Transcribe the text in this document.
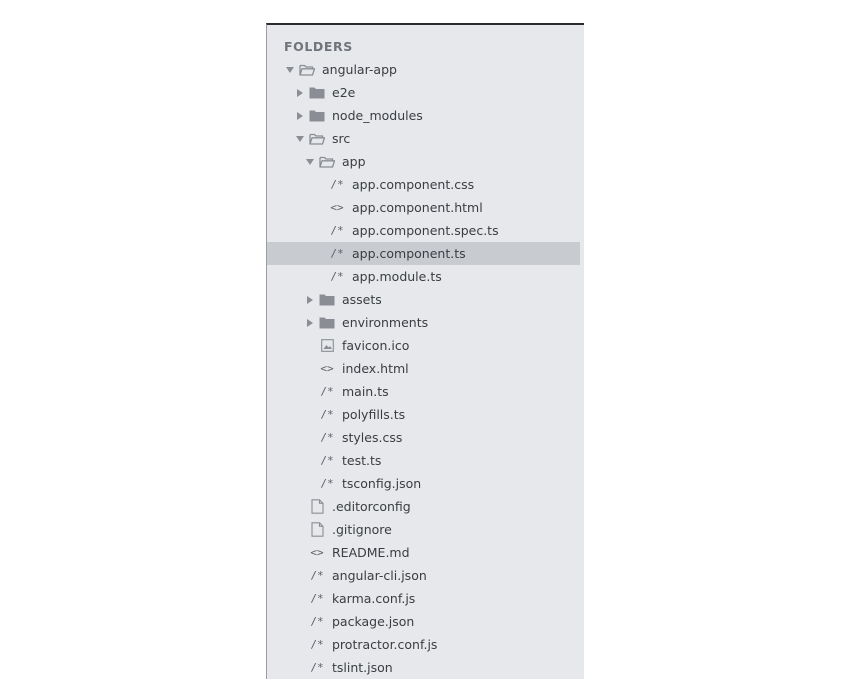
FOLDERS
angular-app
e2e
node_modules
src
app
/* app.component.css
<> app.component.html
/* app.component.spec.ts
/* app.component.ts
/* app.module.ts
assets
environments
favicon.ico
<> index.html
/* main.ts
/* polyfills.ts
/* styles.css
/* test.ts
/* tsconfig.json
.editorconfig
.gitignore
<> README.md
/* angular-cli.json
/* karma.conf.js
/* package.json
/* protractor.conf.js
/* tslint.json
